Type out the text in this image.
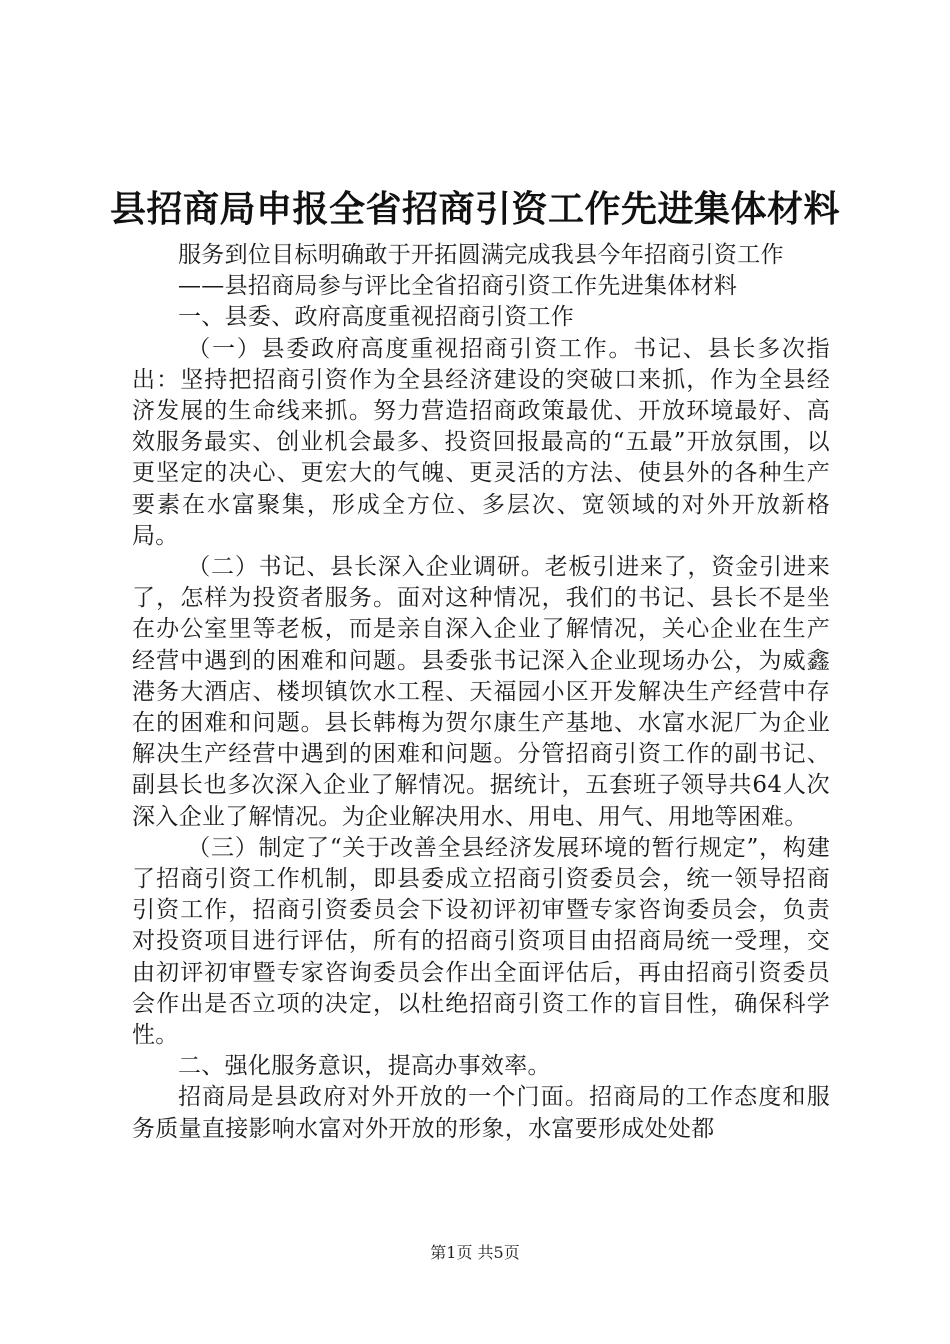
县招商局申报全省招商引资工作先进集体材料

服务到位目标明确敢于开拓圆满完成我县今年招商引资工作

——县招商局参与评比全省招商引资工作先进集体材料

一、县委、政府高度重视招商引资工作

（一）县委政府高度重视招商引资工作。书记、县长多次指出：坚持把招商引资作为全县经济建设的突破口来抓，作为全县经济发展的生命线来抓。努力营造招商政策最优、开放环境最好、高效服务最实、创业机会最多、投资回报最高的“五最”开放氛围，以更坚定的决心、更宏大的气魄、更灵活的方法、使县外的各种生产要素在水富聚集，形成全方位、多层次、宽领域的对外开放新格局。

（二）书记、县长深入企业调研。老板引进来了，资金引进来了，怎样为投资者服务。面对这种情况，我们的书记、县长不是坐在办公室里等老板，而是亲自深入企业了解情况，关心企业在生产经营中遇到的困难和问题。县委张书记深入企业现场办公，为威鑫港务大酒店、楼坝镇饮水工程、天福园小区开发解决生产经营中存在的困难和问题。县长韩梅为贺尔康生产基地、水富水泥厂为企业解决生产经营中遇到的困难和问题。分管招商引资工作的副书记、副县长也多次深入企业了解情况。据统计，五套班子领导共64人次深入企业了解情况。为企业解决用水、用电、用气、用地等困难。

（三）制定了“关于改善全县经济发展环境的暂行规定”，构建了招商引资工作机制，即县委成立招商引资委员会，统一领导招商引资工作，招商引资委员会下设初评初审暨专家咨询委员会，负责对投资项目进行评估，所有的招商引资项目由招商局统一受理，交由初评初审暨专家咨询委员会作出全面评估后，再由招商引资委员会作出是否立项的决定，以杜绝招商引资工作的盲目性，确保科学性。

二、强化服务意识，提高办事效率。

招商局是县政府对外开放的一个门面。招商局的工作态度和服务质量直接影响水富对外开放的形象，水富要形成处处都

第1页 共5页
